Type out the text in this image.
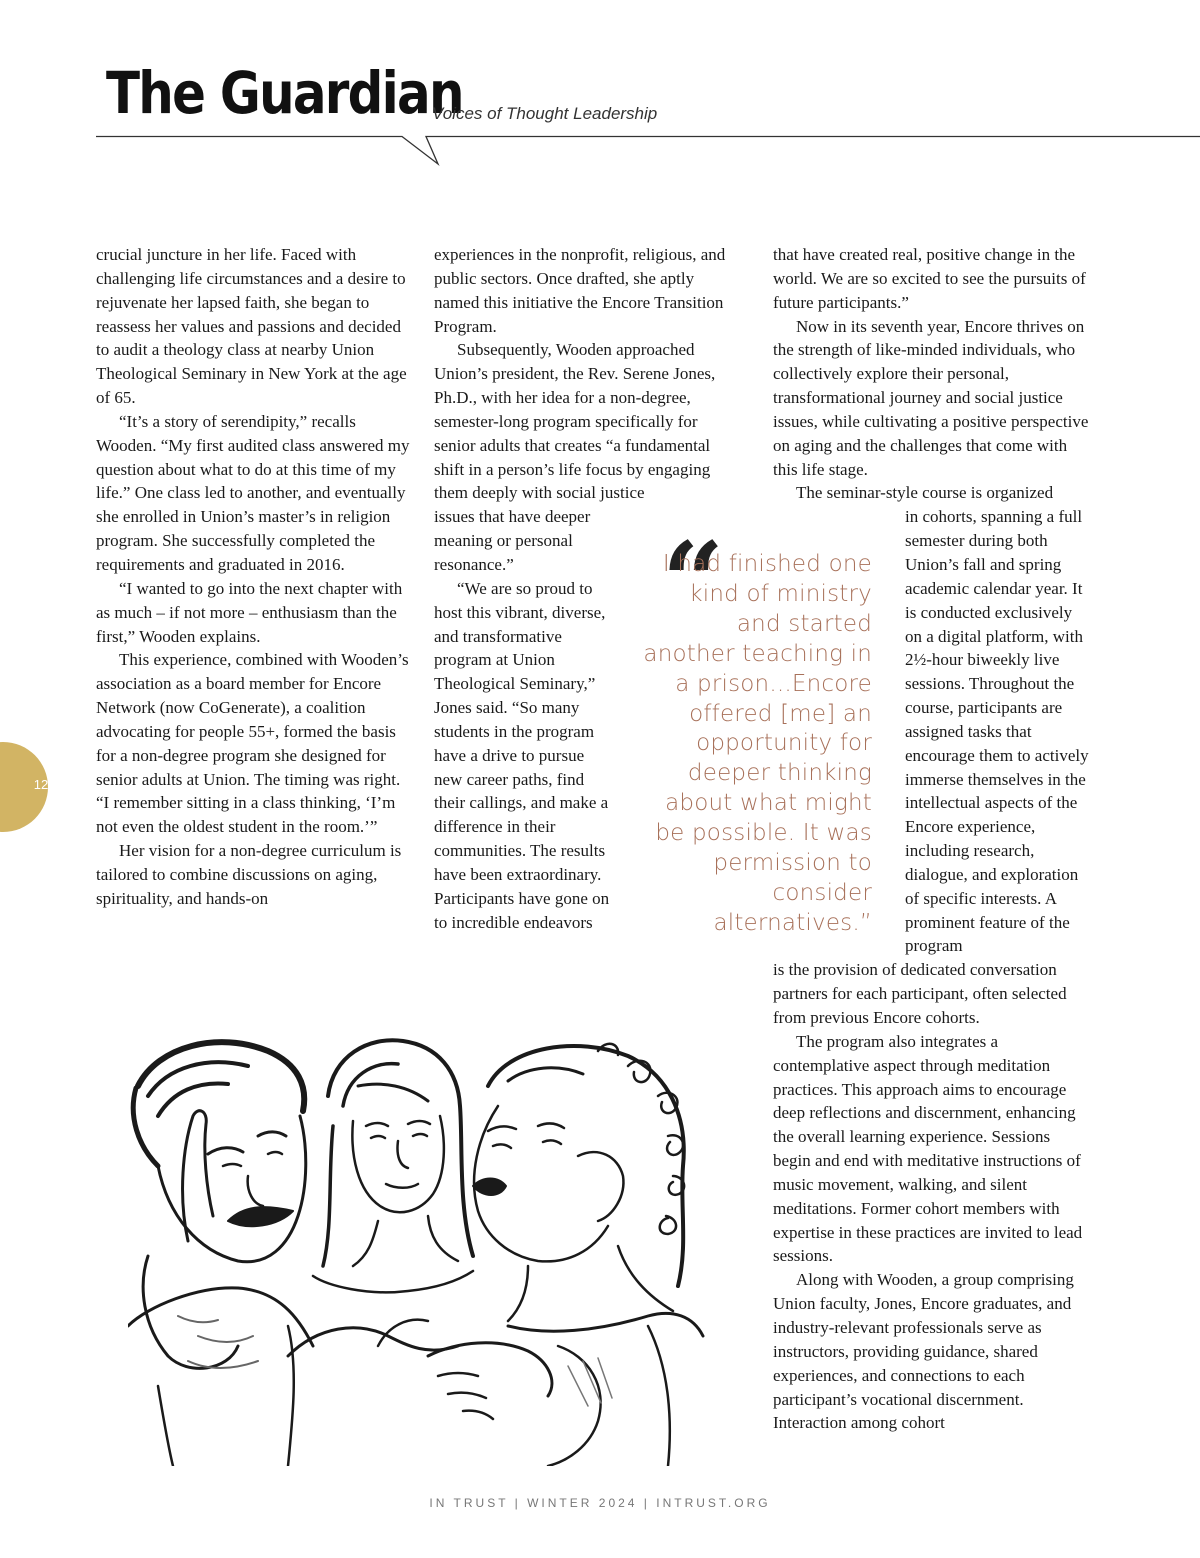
The Guardian
Voices of Thought Leadership

crucial juncture in her life. Faced with challenging life circumstances and a desire to rejuvenate her lapsed faith, she began to reassess her values and passions and decided to audit a theology class at nearby Union Theological Seminary in New York at the age of 65.

“It’s a story of serendipity,” recalls Wooden. “My first audited class answered my question about what to do at this time of my life.” One class led to another, and eventually she enrolled in Union’s master’s in religion program. She successfully completed the requirements and graduated in 2016.

“I wanted to go into the next chapter with as much – if not more – enthusiasm than the first,” Wooden explains.

This experience, combined with Wooden’s association as a board member for Encore Network (now CoGenerate), a coalition advocating for people 55+, formed the basis for a non-degree program she designed for senior adults at Union. The timing was right. “I remember sitting in a class thinking, ‘I’m not even the oldest student in the room.’”

Her vision for a non-degree curriculum is tailored to combine discussions on aging, spirituality, and hands-on

experiences in the nonprofit, religious, and public sectors. Once drafted, she aptly named this initiative the Encore Transition Program.

Subsequently, Wooden approached Union’s president, the Rev. Serene Jones, Ph.D., with her idea for a non-degree, semester-long program specifically for senior adults that creates “a fundamental shift in a person’s life focus by engaging them deeply with social justice

issues that have deeper meaning or personal resonance.”

“We are so proud to host this vibrant, diverse, and transformative program at Union Theological Seminary,” Jones said. “So many students in the program have a drive to pursue new career paths, find their callings, and make a difference in their communities. The results have been extraordinary. Participants have gone on to incredible endeavors

that have created real, positive change in the world. We are so excited to see the pursuits of future participants.”

Now in its seventh year, Encore thrives on the strength of like-minded individuals, who collectively explore their personal, transformational journey and social justice issues, while cultivating a positive perspective on aging and the challenges that come with this life stage.

The seminar-style course is organized

in cohorts, spanning a full semester during both Union’s fall and spring academic calendar year. It is conducted exclusively on a digital platform, with 2½-hour biweekly live sessions. Throughout the course, participants are assigned tasks that encourage them to actively immerse themselves in the intellectual aspects of the Encore experience, including research, dialogue, and exploration of specific interests. A prominent feature of the program

is the provision of dedicated conversation partners for each participant, often selected from previous Encore cohorts.

The program also integrates a contemplative aspect through meditation practices. This approach aims to encourage deep reflections and discernment, enhancing the overall learning experience. Sessions begin and end with meditative instructions of music movement, walking, and silent meditations. Former cohort members with expertise in these practices are invited to lead sessions.

Along with Wooden, a group comprising Union faculty, Jones, Encore graduates, and industry-relevant professionals serve as instructors, providing guidance, shared experiences, and connections to each participant’s vocational discernment. Interaction among cohort

“
I had finished one kind of ministry and started another teaching in a prison...Encore offered [me] an opportunity for deeper thinking about what might be possible. It was permission to consider alternatives.”
12
IN TRUST | WINTER 2024 | INTRUST.ORG
